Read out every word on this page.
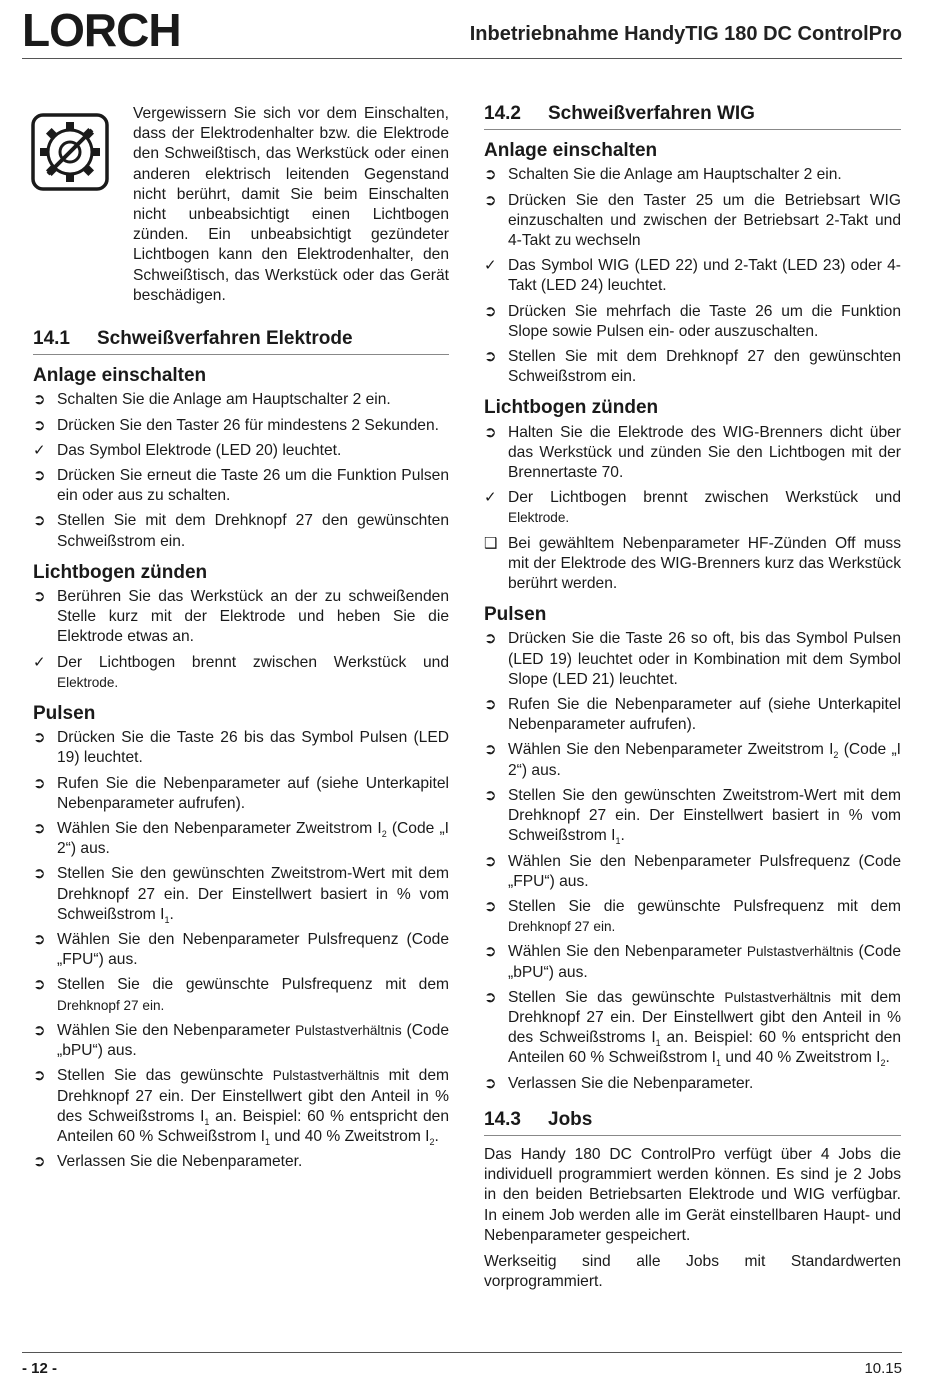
LORCH	Inbetriebnahme HandyTIG 180 DC ControlPro

Vergewissern Sie sich vor dem Einschalten, dass der Elektrodenhalter bzw. die Elektrode den Schweißtisch, das Werkstück oder einen anderen elektrisch leitenden Gegenstand nicht berührt, damit Sie beim Einschalten nicht unbeabsichtigt einen Lichtbogen zünden. Ein unbeabsichtigt gezündeter Lichtbogen kann den Elektrodenhalter, den Schweißtisch, das Werkstück oder das Gerät beschädigen.

14.1	Schweißverfahren Elektrode
Anlage einschalten
➲ Schalten Sie die Anlage am Hauptschalter 2 ein.
➲ Drücken Sie den Taster 26 für mindestens 2 Sekunden.
✓ Das Symbol Elektrode (LED 20) leuchtet.
➲ Drücken Sie erneut die Taste 26 um die Funktion Pulsen ein oder aus zu schalten.
➲ Stellen Sie mit dem Drehknopf 27 den gewünschten Schweißstrom ein.
Lichtbogen zünden
➲ Berühren Sie das Werkstück an der zu schweißenden Stelle kurz mit der Elektrode und heben Sie die Elektrode etwas an.
✓ Der Lichtbogen brennt zwischen Werkstück und Elektrode.
Pulsen
➲ Drücken Sie die Taste 26 bis das Symbol Pulsen (LED 19) leuchtet.
➲ Rufen Sie die Nebenparameter auf (siehe Unterkapitel Nebenparameter aufrufen).
➲ Wählen Sie den Nebenparameter Zweitstrom $I_2$ (Code „I 2“) aus.
➲ Stellen Sie den gewünschten Zweitstrom-Wert mit dem Drehknopf 27 ein. Der Einstellwert basiert in % vom Schweißstrom $I_1$.
➲ Wählen Sie den Nebenparameter Pulsfrequenz (Code „FPU“) aus.
➲ Stellen Sie die gewünschte Pulsfrequenz mit dem Drehknopf 27 ein.
➲ Wählen Sie den Nebenparameter Pulstastverhältnis (Code „bPU“) aus.
➲ Stellen Sie das gewünschte Pulstastverhältnis mit dem Drehknopf 27 ein. Der Einstellwert gibt den Anteil in % des Schweißstroms $I_1$ an. Beispiel: 60 % entspricht den Anteilen 60 % Schweißstrom $I_1$ und 40 % Zweitstrom $I_2$.
➲ Verlassen Sie die Nebenparameter.
14.2	Schweißverfahren WIG
Anlage einschalten
➲ Schalten Sie die Anlage am Hauptschalter 2 ein.
➲ Drücken Sie den Taster 25 um die Betriebsart WIG einzuschalten und zwischen der Betriebsart 2-Takt und 4-Takt zu wechseln
✓ Das Symbol WIG (LED 22) und 2-Takt (LED 23) oder 4-Takt (LED 24) leuchtet.
➲ Drücken Sie mehrfach die Taste 26 um die Funktion Slope sowie Pulsen ein- oder auszuschalten.
➲ Stellen Sie mit dem Drehknopf 27 den gewünschten Schweißstrom ein.
Lichtbogen zünden
➲ Halten Sie die Elektrode des WIG-Brenners dicht über das Werkstück und zünden Sie den Lichtbogen mit der Brennertaste 70.
✓ Der Lichtbogen brennt zwischen Werkstück und Elektrode.
❑ Bei gewähltem Nebenparameter HF-Zünden Off muss mit der Elektrode des WIG-Brenners kurz das Werkstück berührt werden.
Pulsen
➲ Drücken Sie die Taste 26 so oft, bis das Symbol Pulsen (LED 19) leuchtet oder in Kombination mit dem Symbol Slope (LED 21) leuchtet.
➲ Rufen Sie die Nebenparameter auf (siehe Unterkapitel Nebenparameter aufrufen).
➲ Wählen Sie den Nebenparameter Zweitstrom $I_2$ (Code „I 2“) aus.
➲ Stellen Sie den gewünschten Zweitstrom-Wert mit dem Drehknopf 27 ein. Der Einstellwert basiert in % vom Schweißstrom $I_1$.
➲ Wählen Sie den Nebenparameter Pulsfrequenz (Code „FPU“) aus.
➲ Stellen Sie die gewünschte Pulsfrequenz mit dem Drehknopf 27 ein.
➲ Wählen Sie den Nebenparameter Pulstastverhältnis (Code „bPU“) aus.
➲ Stellen Sie das gewünschte Pulstastverhältnis mit dem Drehknopf 27 ein. Der Einstellwert gibt den Anteil in % des Schweißstroms $I_1$ an. Beispiel: 60 % entspricht den Anteilen 60 % Schweißstrom $I_1$ und 40 % Zweitstrom $I_2$.
➲ Verlassen Sie die Nebenparameter.
14.3	Jobs

Das Handy 180 DC ControlPro verfügt über 4 Jobs die individuell programmiert werden können. Es sind je 2 Jobs in den beiden Betriebsarten Elektrode und WIG verfügbar. In einem Job werden alle im Gerät einstellbaren Haupt- und Nebenparameter gespeichert.

Werkseitig sind alle Jobs mit Standardwerten vorprogrammiert.

- 12 -	10.15
